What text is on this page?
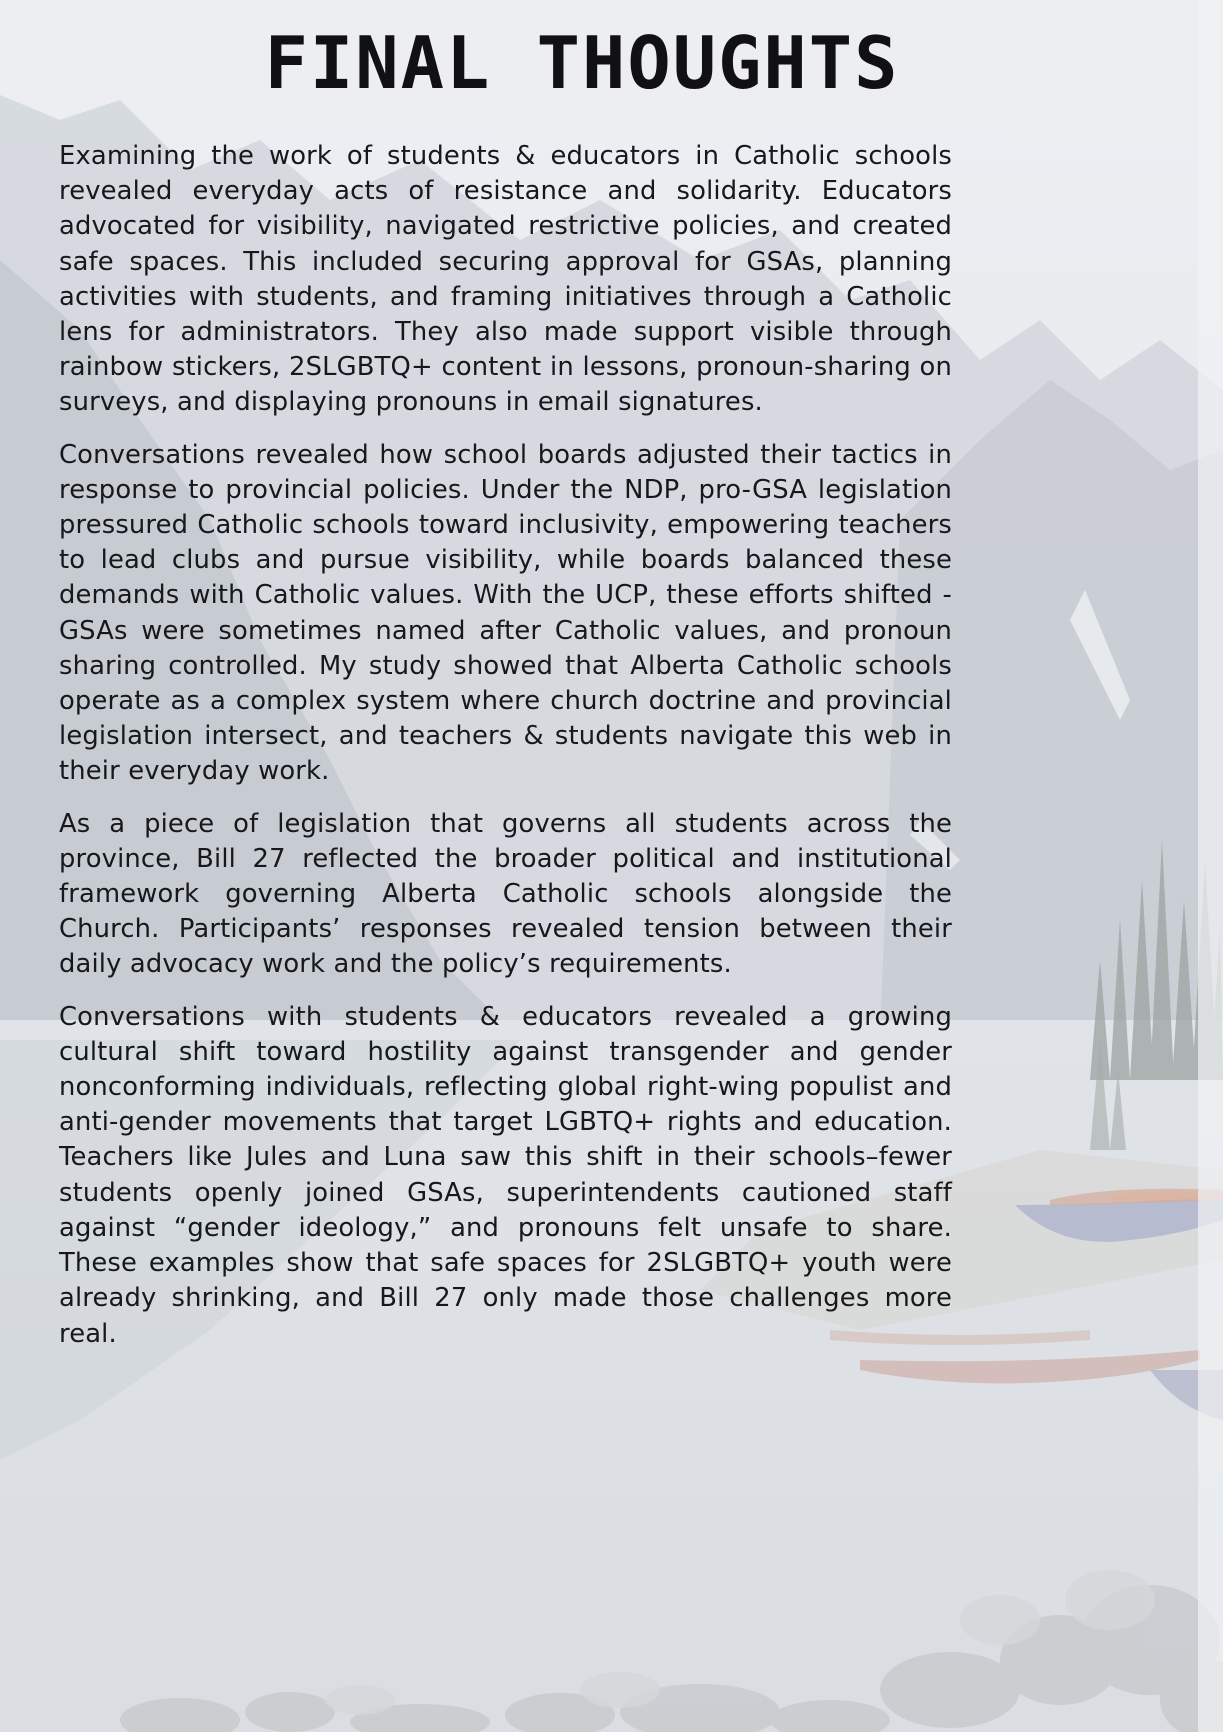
FINAL THOUGHTS

Examining the work of students & educators in Catholic schools revealed everyday acts of resistance and solidarity. Educators advocated for visibility, navigated restrictive policies, and created safe spaces. This included securing approval for GSAs, planning activities with students, and framing initiatives through a Catholic lens for administrators. They also made support visible through rainbow stickers, 2SLGBTQ+ content in lessons, pronoun-sharing on surveys, and displaying pronouns in email signatures.

Conversations revealed how school boards adjusted their tactics in response to provincial policies. Under the NDP, pro-GSA legislation pressured Catholic schools toward inclusivity, empowering teachers to lead clubs and pursue visibility, while boards balanced these demands with Catholic values. With the UCP, these efforts shifted - GSAs were sometimes named after Catholic values, and pronoun sharing controlled. My study showed that Alberta Catholic schools operate as a complex system where church doctrine and provincial legislation intersect, and teachers & students navigate this web in their everyday work.

As a piece of legislation that governs all students across the province, Bill 27 reflected the broader political and institutional framework governing Alberta Catholic schools alongside the Church. Participants’ responses revealed tension between their daily advocacy work and the policy’s requirements.

Conversations with students & educators revealed a growing cultural shift toward hostility against transgender and gender nonconforming individuals, reflecting global right-wing populist and anti-gender movements that target LGBTQ+ rights and education. Teachers like Jules and Luna saw this shift in their schools–fewer students openly joined GSAs, superintendents cautioned staff against “gender ideology,” and pronouns felt unsafe to share. These examples show that safe spaces for 2SLGBTQ+ youth were already shrinking, and Bill 27 only made those challenges more real.
